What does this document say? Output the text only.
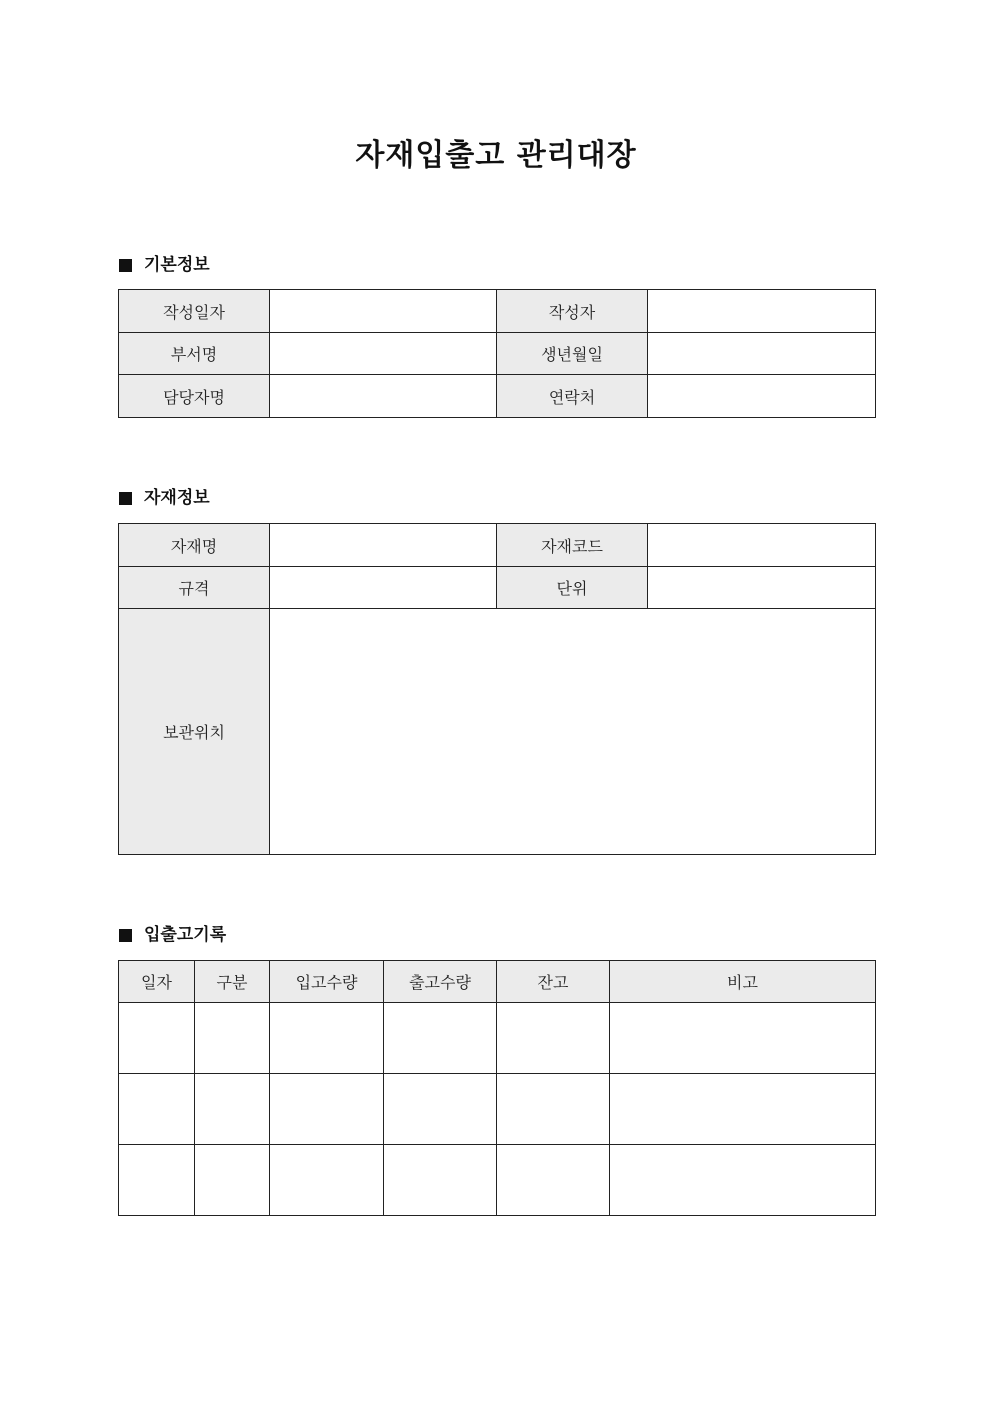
자재입출고 관리대장
기본정보
작성일자		작성자	
부서명		생년월일	
담당자명		연락처	
자재정보
자재명		자재코드	
규격		단위	
보관위치			
입출고기록
일자	구분	입고수량	출고수량	잔고	비고
